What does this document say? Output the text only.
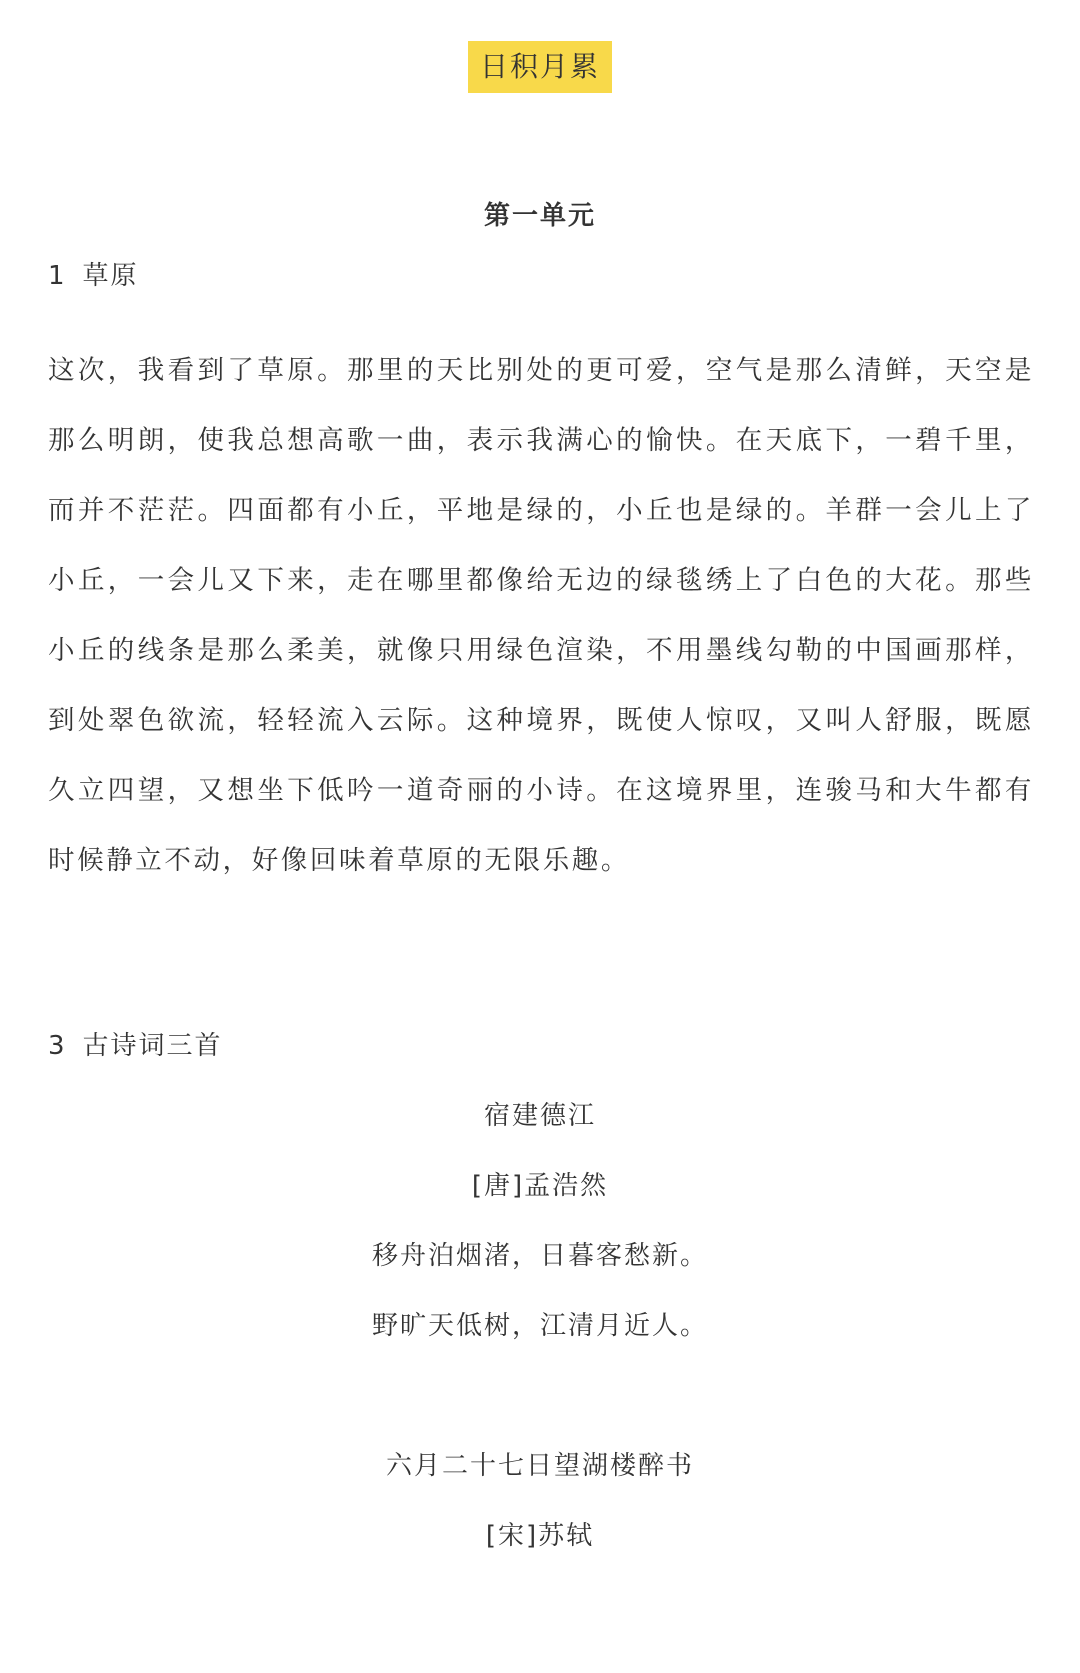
日积月累
第一单元
1 草原

这次，我看到了草原。那里的天比别处的更可爱，空气是那么清鲜，天空是那么明朗，使我总想高歌一曲，表示我满心的愉快。在天底下，一碧千里，而并不茫茫。四面都有小丘，平地是绿的，小丘也是绿的。羊群一会儿上了小丘，一会儿又下来，走在哪里都像给无边的绿毯绣上了白色的大花。那些小丘的线条是那么柔美，就像只用绿色渲染，不用墨线勾勒的中国画那样，到处翠色欲流，轻轻流入云际。这种境界，既使人惊叹，又叫人舒服，既愿久立四望，又想坐下低吟一道奇丽的小诗。在这境界里，连骏马和大牛都有时候静立不动，好像回味着草原的无限乐趣。

3 古诗词三首
宿建德江
[唐]孟浩然
移舟泊烟渚，日暮客愁新。
野旷天低树，江清月近人。
六月二十七日望湖楼醉书
[宋]苏轼
